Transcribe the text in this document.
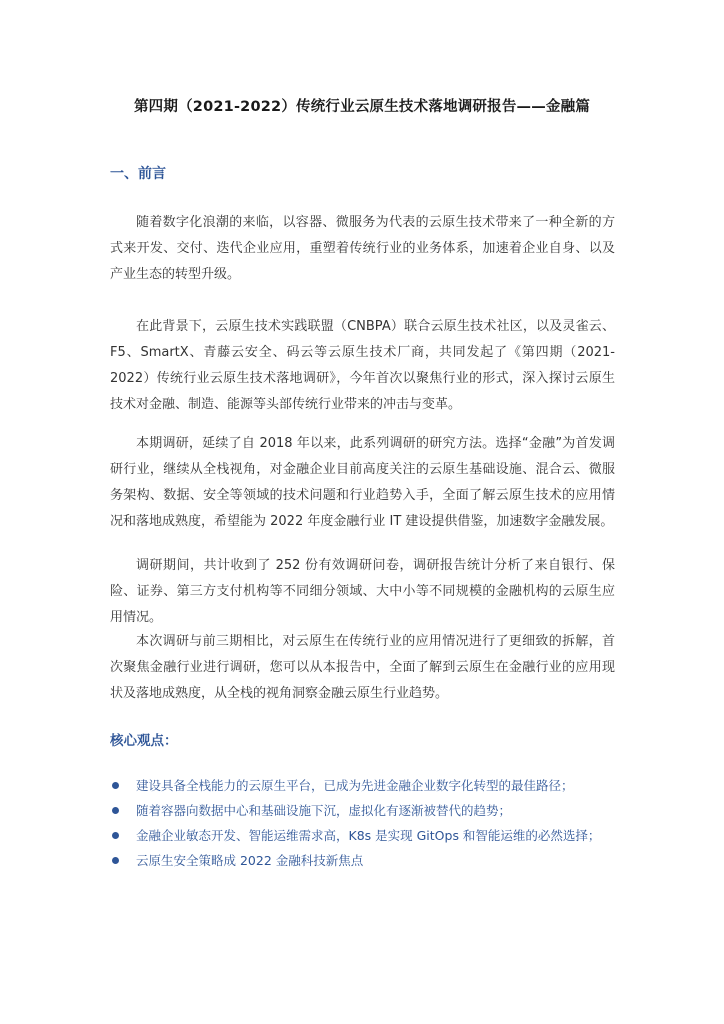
第四期（2021-2022）传统行业云原生技术落地调研报告——金融篇
一、前言

随着数字化浪潮的来临，以容器、微服务为代表的云原生技术带来了一种全新的方式来开发、交付、迭代企业应用，重塑着传统行业的业务体系，加速着企业自身、以及产业生态的转型升级。

在此背景下，云原生技术实践联盟（CNBPA）联合云原生技术社区，以及灵雀云、F5、SmartX、青藤云安全、码云等云原生技术厂商，共同发起了《第四期（2021-2022）传统行业云原生技术落地调研》，今年首次以聚焦行业的形式，深入探讨云原生技术对金融、制造、能源等头部传统行业带来的冲击与变革。

本期调研，延续了自 2018 年以来，此系列调研的研究方法。选择“金融”为首发调研行业，继续从全栈视角，对金融企业目前高度关注的云原生基础设施、混合云、微服务架构、数据、安全等领域的技术问题和行业趋势入手，全面了解云原生技术的应用情况和落地成熟度，希望能为 2022 年度金融行业 IT 建设提供借鉴，加速数字金融发展。

调研期间，共计收到了 252 份有效调研问卷，调研报告统计分析了来自银行、保险、证券、第三方支付机构等不同细分领域、大中小等不同规模的金融机构的云原生应用情况。

本次调研与前三期相比，对云原生在传统行业的应用情况进行了更细致的拆解，首次聚焦金融行业进行调研，您可以从本报告中，全面了解到云原生在金融行业的应用现状及落地成熟度，从全栈的视角洞察金融云原生行业趋势。

核心观点：
建设具备全栈能力的云原生平台，已成为先进金融企业数字化转型的最佳路径；
随着容器向数据中心和基础设施下沉，虚拟化有逐渐被替代的趋势；
金融企业敏态开发、智能运维需求高，K8s 是实现 GitOps 和智能运维的必然选择；
云原生安全策略成 2022 金融科技新焦点
